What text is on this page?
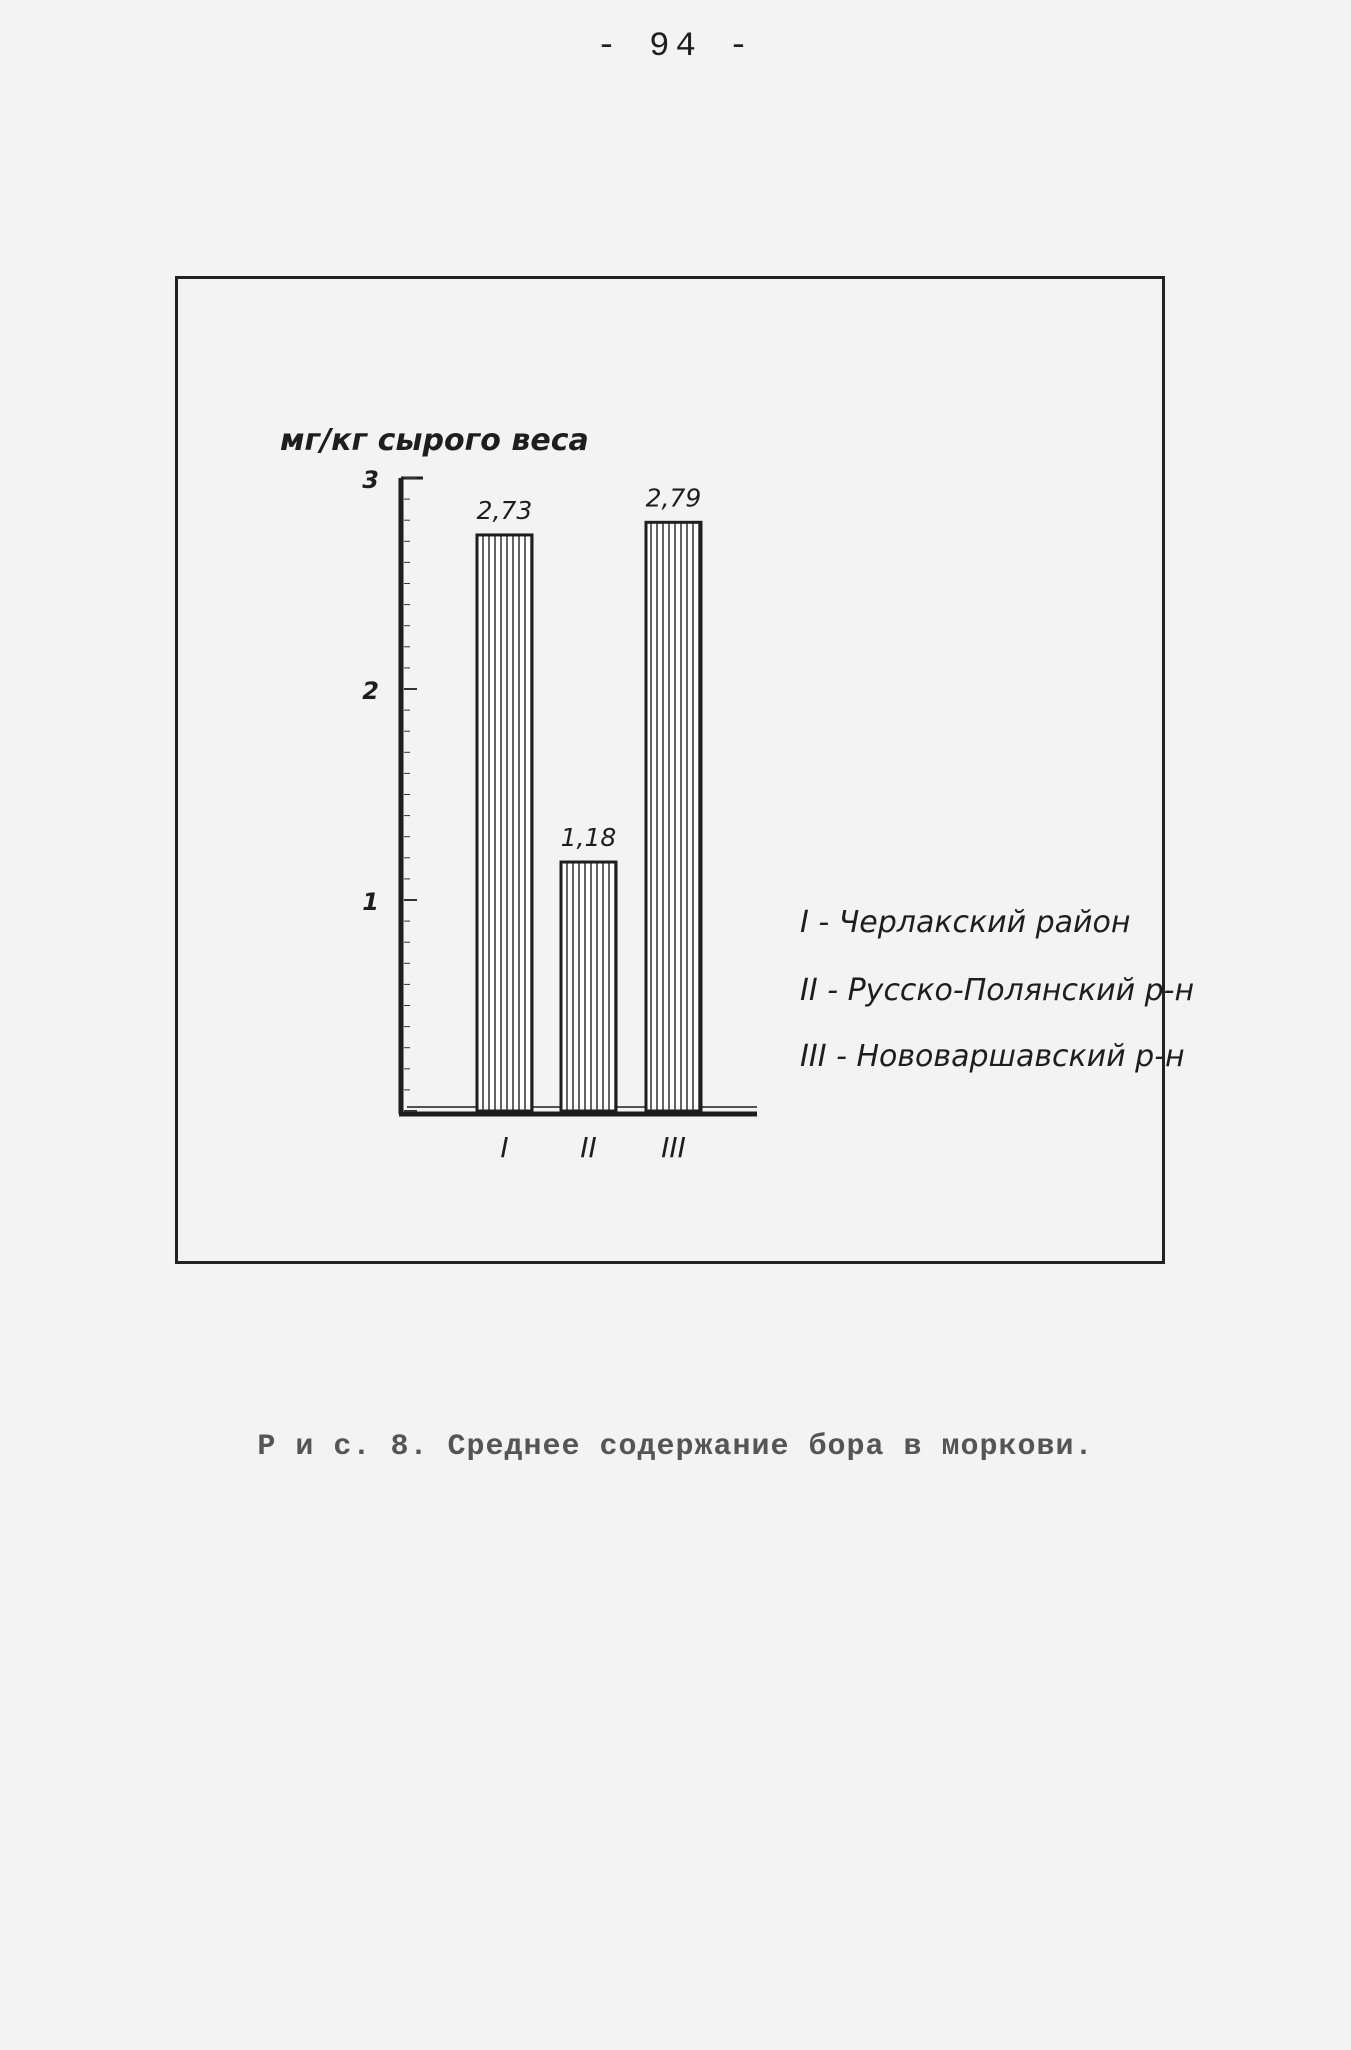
- 94 -
мг/кг сырого веса
1
2
3
2,73
I
1,18
II
2,79
III
I - Черлакский район
II - Русско-Полянский р-н
III - Нововаршавский р-н
Р и с. 8. Среднее содержание бора в моркови.
